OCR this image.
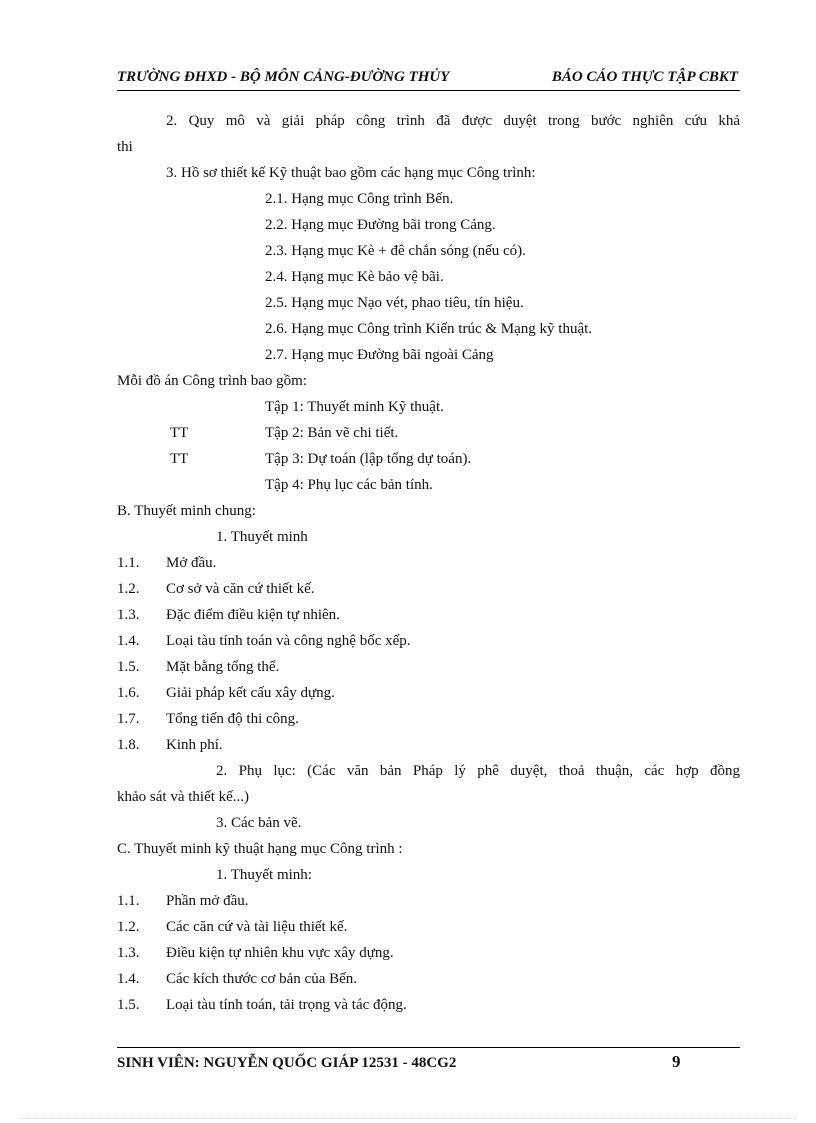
TRƯỜNG ĐHXD - BỘ MÔN CẢNG-ĐƯỜNG THỦY	BÁO CÁO THỰC TẬP CBKT
2. Quy mô và giải pháp công trình đã được duyệt trong bước nghiên cứu khả
thi
3. Hồ sơ thiết kế Kỹ thuật bao gồm các hạng mục Công trình:
2.1. Hạng mục Công trình Bến.
2.2. Hạng mục Đường bãi trong Cảng.
2.3. Hạng mục Kè + đê chắn sóng (nếu có).
2.4. Hạng mục Kè bảo vệ bãi.
2.5. Hạng mục Nạo vét, phao tiêu, tín hiệu.
2.6. Hạng mục Công trình Kiến trúc & Mạng kỹ thuật.
2.7. Hạng mục Đường bãi ngoài Cảng
Mỗi đồ án Công trình bao gồm:
Tập 1: Thuyết minh Kỹ thuật.
TT	Tập 2: Bản vẽ chi tiết.
TT	Tập 3: Dự toán (lập tổng dự toán).
Tập 4: Phụ lục các bản tính.
B. Thuyết minh chung:
1. Thuyết minh
1.1. Mở đầu.
1.2. Cơ sở và căn cứ thiết kế.
1.3. Đặc điểm điều kiện tự nhiên.
1.4. Loại tàu tính toán và công nghệ bốc xếp.
1.5. Mặt bằng tổng thể.
1.6. Giải pháp kết cấu xây dựng.
1.7. Tổng tiến độ thi công.
1.8. Kinh phí.
2. Phụ lục: (Các văn bản Pháp lý phê duyệt, thoả thuận, các hợp đồng
khảo sát và thiết kế...)
3. Các bản vẽ.
C. Thuyết minh kỹ thuật hạng mục Công trình :
1. Thuyết minh:
1.1. Phần mở đầu.
1.2. Các căn cứ và tài liệu thiết kế.
1.3. Điều kiện tự nhiên khu vực xây dựng.
1.4. Các kích thước cơ bản của Bến.
1.5. Loại tàu tính toán, tải trọng và tác động.
SINH VIÊN: NGUYỄN QUỐC GIÁP 12531 - 48CG2	9
